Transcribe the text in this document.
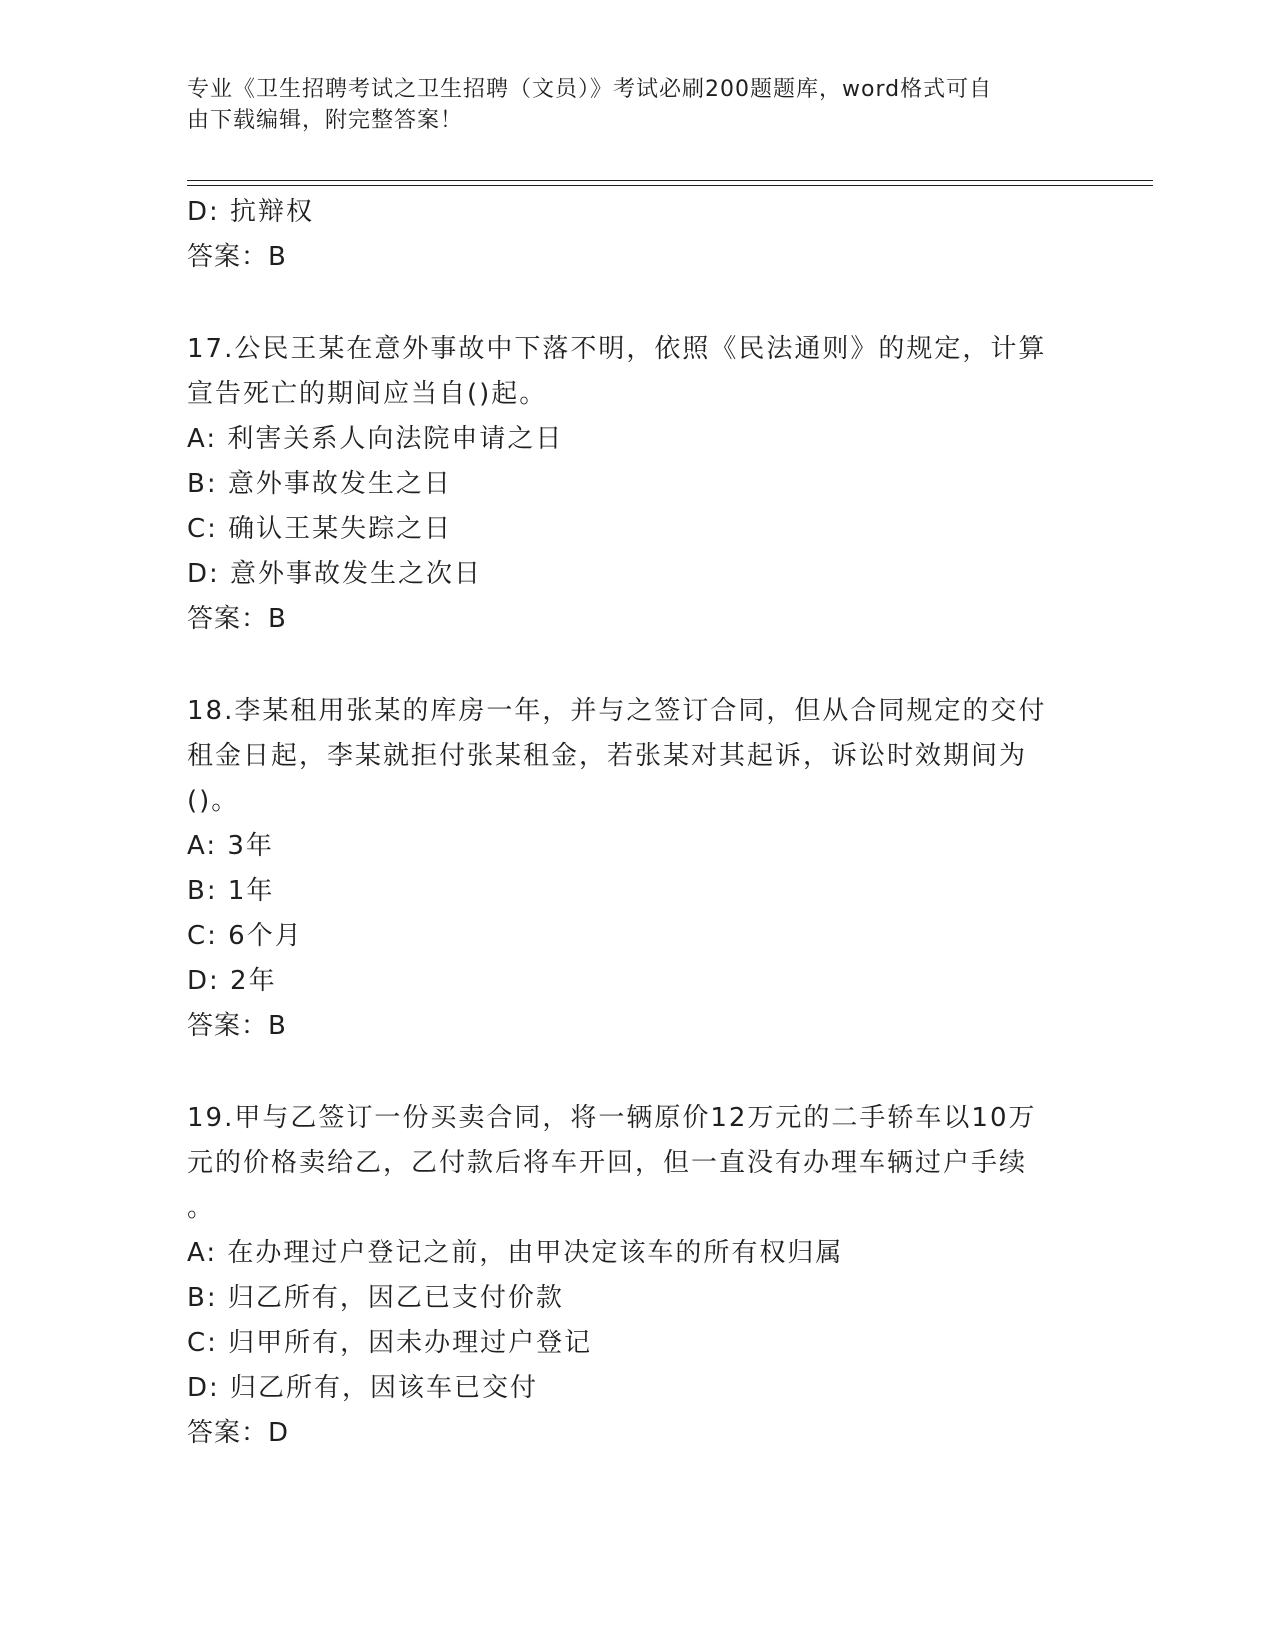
专业《卫生招聘考试之卫生招聘（文员）》考试必刷200题题库，word格式可自
由下载编辑，附完整答案！
D: 抗辩权
答案：B
17.公民王某在意外事故中下落不明，依照《民法通则》的规定，计算
宣告死亡的期间应当自()起。
A: 利害关系人向法院申请之日
B: 意外事故发生之日
C: 确认王某失踪之日
D: 意外事故发生之次日
答案：B
18.李某租用张某的库房一年，并与之签订合同，但从合同规定的交付
租金日起，李某就拒付张某租金，若张某对其起诉，诉讼时效期间为
()。
A: 3年
B: 1年
C: 6个月
D: 2年
答案：B
19.甲与乙签订一份买卖合同，将一辆原价12万元的二手轿车以10万
元的价格卖给乙，乙付款后将车开回，但一直没有办理车辆过户手续
。
A: 在办理过户登记之前，由甲决定该车的所有权归属
B: 归乙所有，因乙已支付价款
C: 归甲所有，因未办理过户登记
D: 归乙所有，因该车已交付
答案：D
